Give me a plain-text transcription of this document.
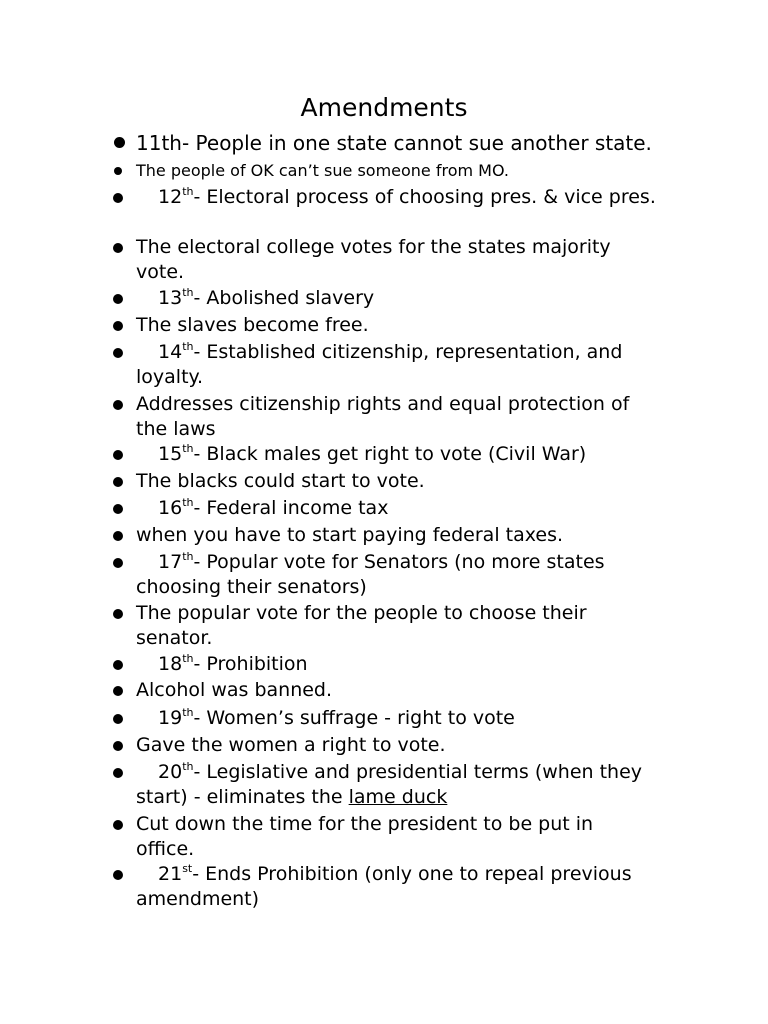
Amendments
11th- People in one state cannot sue another state.
The people of OK can’t sue someone from MO.
12th- Electoral process of choosing pres. & vice pres.
The electoral college votes for the states majority vote.
13th- Abolished slavery
The slaves become free.
14th- Established citizenship, representation, and loyalty.
Addresses citizenship rights and equal protection of the laws
15th- Black males get right to vote (Civil War)
The blacks could start to vote.
16th- Federal income tax
when you have to start paying federal taxes.
17th- Popular vote for Senators (no more states choosing their senators)
The popular vote for the people to choose their senator.
18th- Prohibition
Alcohol was banned.
19th- Women’s suffrage - right to vote
Gave the women a right to vote.
20th- Legislative and presidential terms (when they start) - eliminates the lame duck
Cut down the time for the president to be put in office.
21st- Ends Prohibition (only one to repeal previous amendment)
